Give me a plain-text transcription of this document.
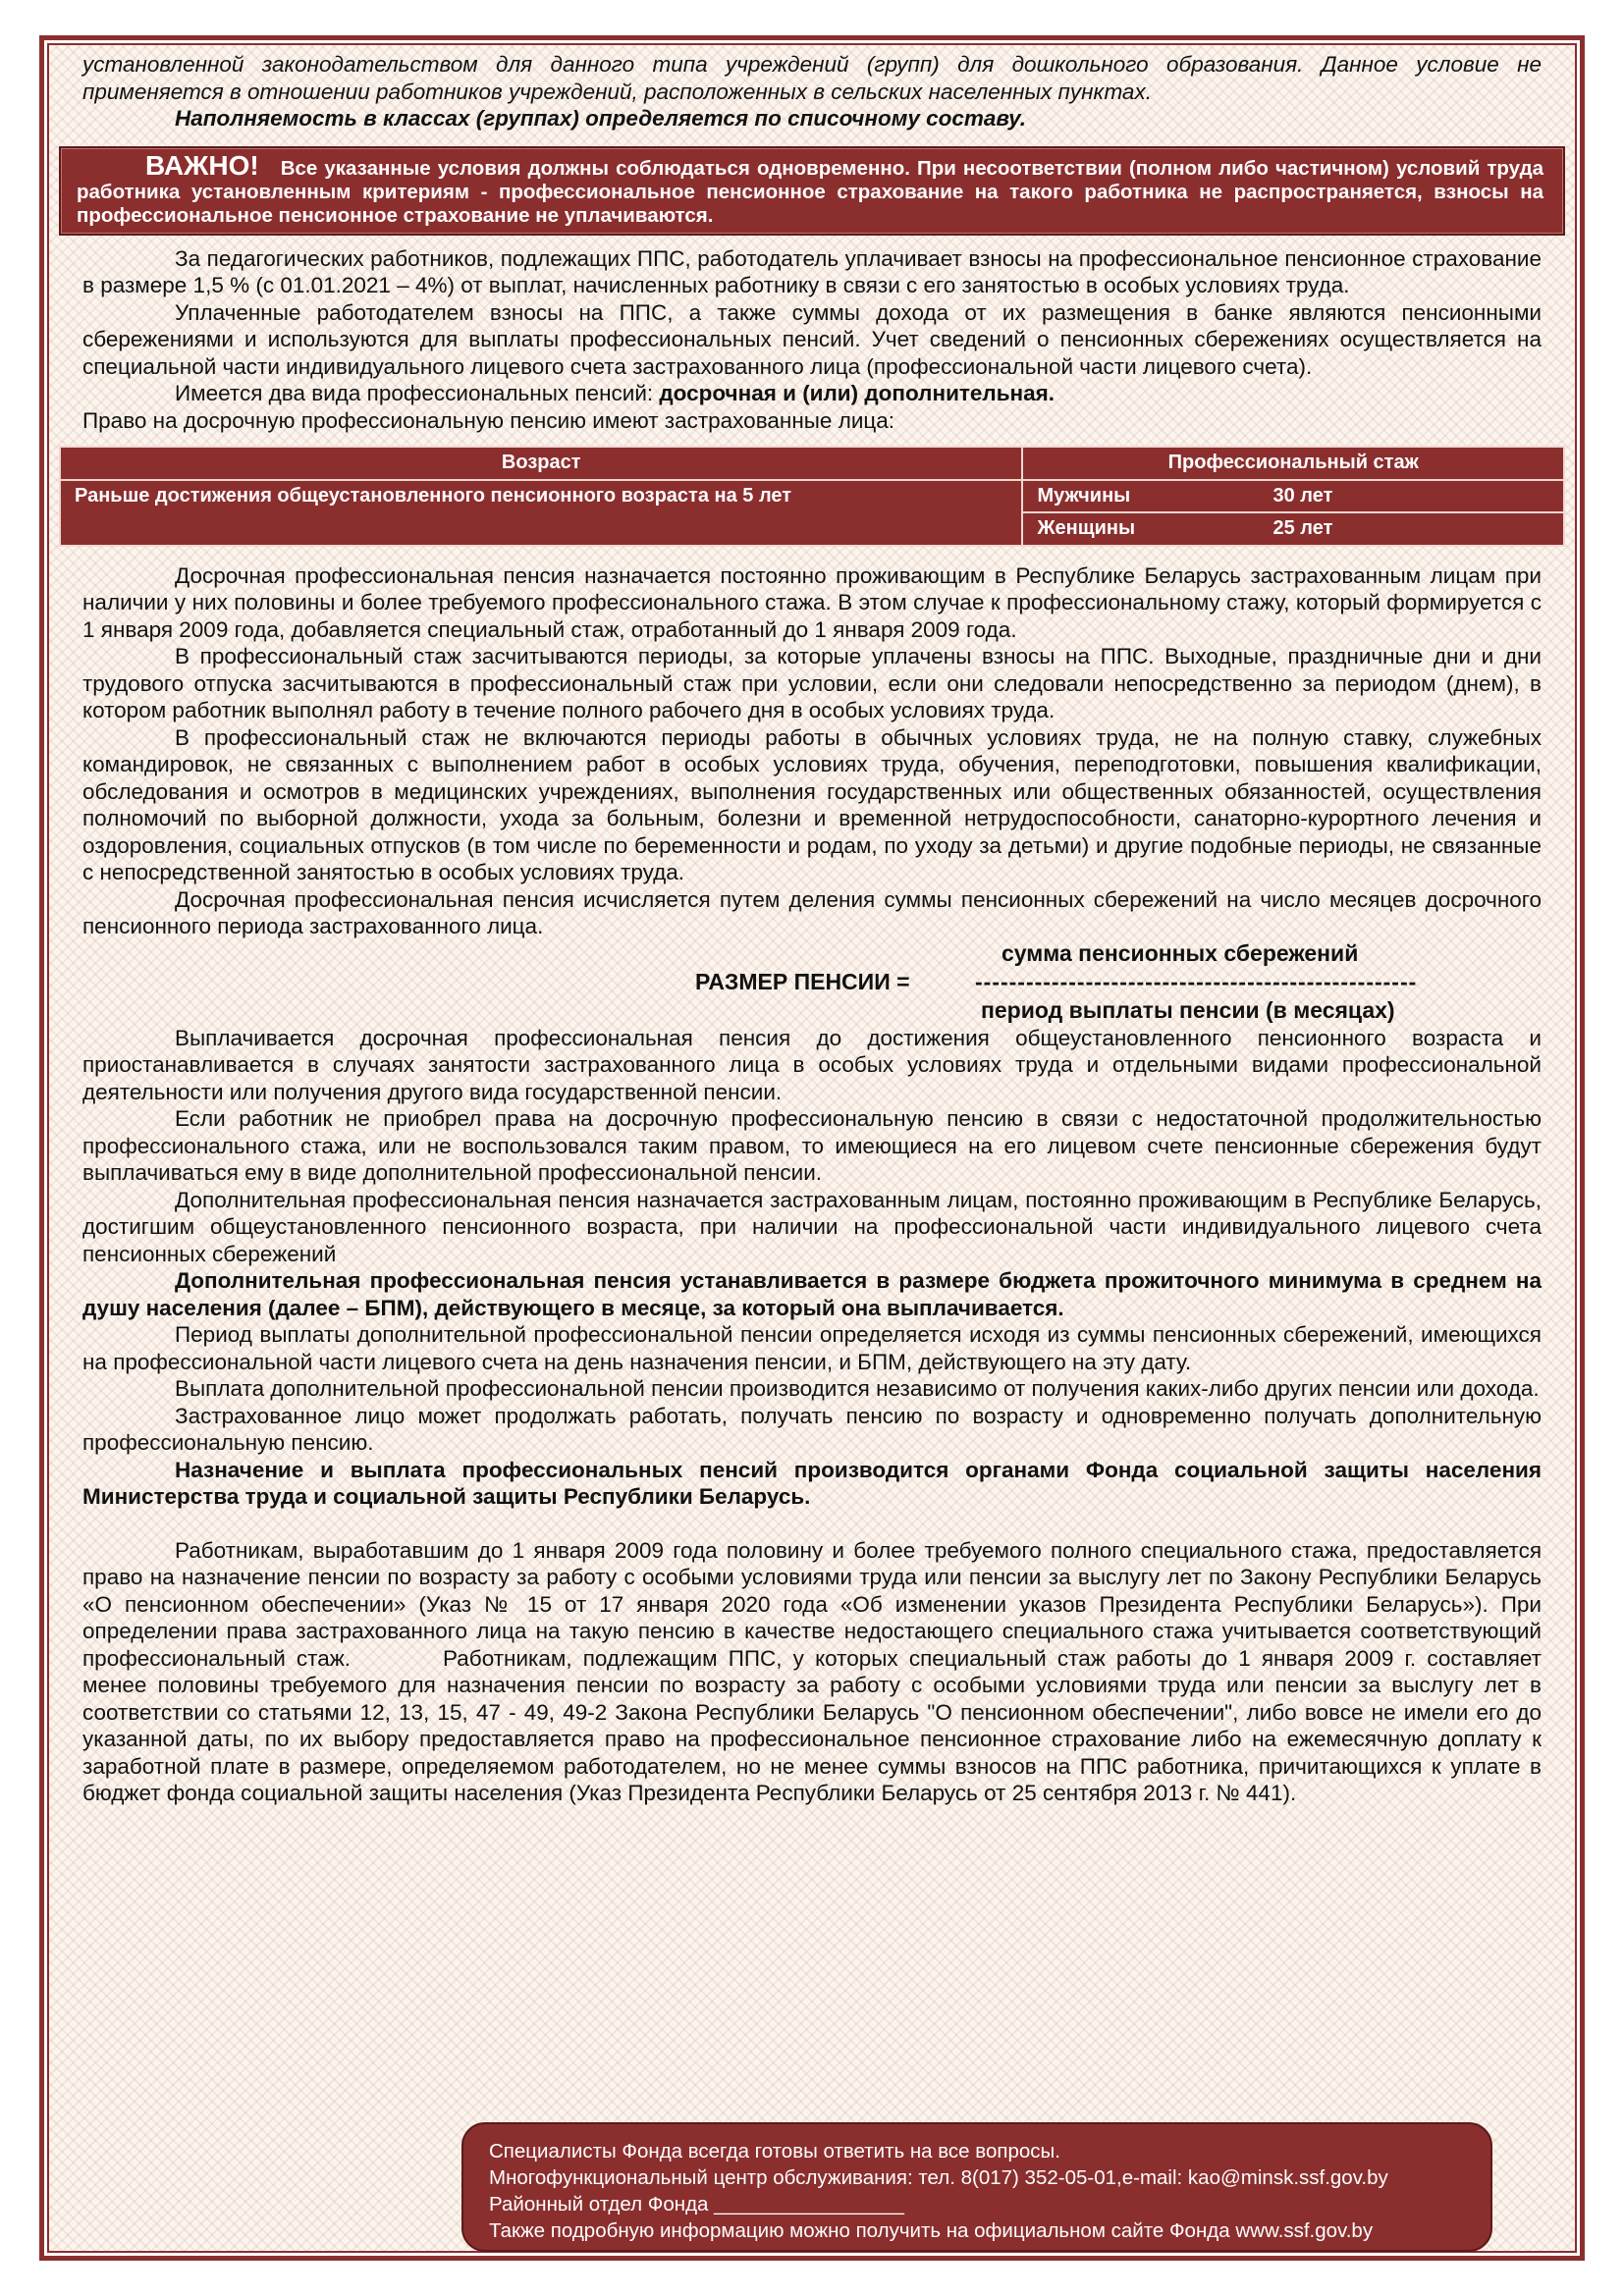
установленной законодательством для данного типа учреждений (групп) для дошкольного образования. Данное условие не применяется в отношении работников учреждений, расположенных в сельских населенных пунктах.

Наполняемость в классах (группах) определяется по списочному составу.

ВАЖНО! Все указанные условия должны соблюдаться одновременно. При несоответствии (полном либо частичном) условий труда работника установленным критериям - профессиональное пенсионное страхование на такого работника не распространяется, взносы на профессиональное пенсионное страхование не уплачиваются.

За педагогических работников, подлежащих ППС, работодатель уплачивает взносы на профессиональное пенсионное страхование в размере 1,5 % (с 01.01.2021 – 4%) от выплат, начисленных работнику в связи с его занятостью в особых условиях труда.

Уплаченные работодателем взносы на ППС, а также суммы дохода от их размещения в банке являются пенсионными сбережениями и используются для выплаты профессиональных пенсий. Учет сведений о пенсионных сбережениях осуществляется на специальной части индивидуального лицевого счета застрахованного лица (профессиональной части лицевого счета).

Имеется два вида профессиональных пенсий: досрочная и (или) дополнительная.

Право на досрочную профессиональную пенсию имеют застрахованные лица:

Возраст	Профессиональный стаж
Раньше достижения общеустановленного пенсионного возраста на 5 лет	Мужчины 30 лет
	Женщины 25 лет

Досрочная профессиональная пенсия назначается постоянно проживающим в Республике Беларусь застрахованным лицам при наличии у них половины и более требуемого профессионального стажа. В этом случае к профессиональному стажу, который формируется с 1 января 2009 года, добавляется специальный стаж, отработанный до 1 января 2009 года.

В профессиональный стаж засчитываются периоды, за которые уплачены взносы на ППС. Выходные, праздничные дни и дни трудового отпуска засчитываются в профессиональный стаж при условии, если они следовали непосредственно за периодом (днем), в котором работник выполнял работу в течение полного рабочего дня в особых условиях труда.

В профессиональный стаж не включаются периоды работы в обычных условиях труда, не на полную ставку, служебных командировок, не связанных с выполнением работ в особых условиях труда, обучения, переподготовки, повышения квалификации, обследования и осмотров в медицинских учреждениях, выполнения государственных или общественных обязанностей, осуществления полномочий по выборной должности, ухода за больным, болезни и временной нетрудоспособности, санаторно-курортного лечения и оздоровления, социальных отпусков (в том числе по беременности и родам, по уходу за детьми) и другие подобные периоды, не связанные с непосредственной занятостью в особых условиях труда.

Досрочная профессиональная пенсия исчисляется путем деления суммы пенсионных сбережений на число месяцев досрочного пенсионного периода застрахованного лица.

сумма пенсионных сбережений
РАЗМЕР ПЕНСИИ =	----------------------------------------------------
период выплаты пенсии (в месяцах)

Выплачивается досрочная профессиональная пенсия до достижения общеустановленного пенсионного возраста и приостанавливается в случаях занятости застрахованного лица в особых условиях труда и отдельными видами профессиональной деятельности или получения другого вида государственной пенсии.

Если работник не приобрел права на досрочную профессиональную пенсию в связи с недостаточной продолжительностью профессионального стажа, или не воспользовался таким правом, то имеющиеся на его лицевом счете пенсионные сбережения будут выплачиваться ему в виде дополнительной профессиональной пенсии.

Дополнительная профессиональная пенсия назначается застрахованным лицам, постоянно проживающим в Республике Беларусь, достигшим общеустановленного пенсионного возраста, при наличии на профессиональной части индивидуального лицевого счета пенсионных сбережений

Дополнительная профессиональная пенсия устанавливается в размере бюджета прожиточного минимума в среднем на душу населения (далее – БПМ), действующего в месяце, за который она выплачивается.

Период выплаты дополнительной профессиональной пенсии определяется исходя из суммы пенсионных сбережений, имеющихся на профессиональной части лицевого счета на день назначения пенсии, и БПМ, действующего на эту дату.

Выплата дополнительной профессиональной пенсии производится независимо от получения каких-либо других пенсии или дохода.

Застрахованное лицо может продолжать работать, получать пенсию по возрасту и одновременно получать дополнительную профессиональную пенсию.

Назначение и выплата профессиональных пенсий производится органами Фонда социальной защиты населения Министерства труда и социальной защиты Республики Беларусь.

Работникам, выработавшим до 1 января 2009 года половину и более требуемого полного специального стажа, предоставляется право на назначение пенсии по возрасту за работу с особыми условиями труда или пенсии за выслугу лет по Закону Республики Беларусь «О пенсионном обеспечении» (Указ № 15 от 17 января 2020 года «Об изменении указов Президента Республики Беларусь»). При определении права застрахованного лица на такую пенсию в качестве недостающего специального стажа учитывается соответствующий профессиональный стаж.	Работникам, подлежащим ППС, у которых специальный стаж работы до 1 января 2009 г. составляет менее половины требуемого для назначения пенсии по возрасту за работу с особыми условиями труда или пенсии за выслугу лет в соответствии со статьями 12, 13, 15, 47 - 49, 49-2 Закона Республики Беларусь "О пенсионном обеспечении", либо вовсе не имели его до указанной даты, по их выбору предоставляется право на профессиональное пенсионное страхование либо на ежемесячную доплату к заработной плате в размере, определяемом работодателем, но не менее суммы взносов на ППС работника, причитающихся к уплате в бюджет фонда социальной защиты населения (Указ Президента Республики Беларусь от 25 сентября 2013 г. № 441).

Специалисты Фонда всегда готовы ответить на все вопросы.
Многофункциональный центр обслуживания: тел. 8(017) 352-05-01,e-mail: kao@minsk.ssf.gov.by
Районный отдел Фонда _________________
Также подробную информацию можно получить на официальном сайте Фонда www.ssf.gov.by
